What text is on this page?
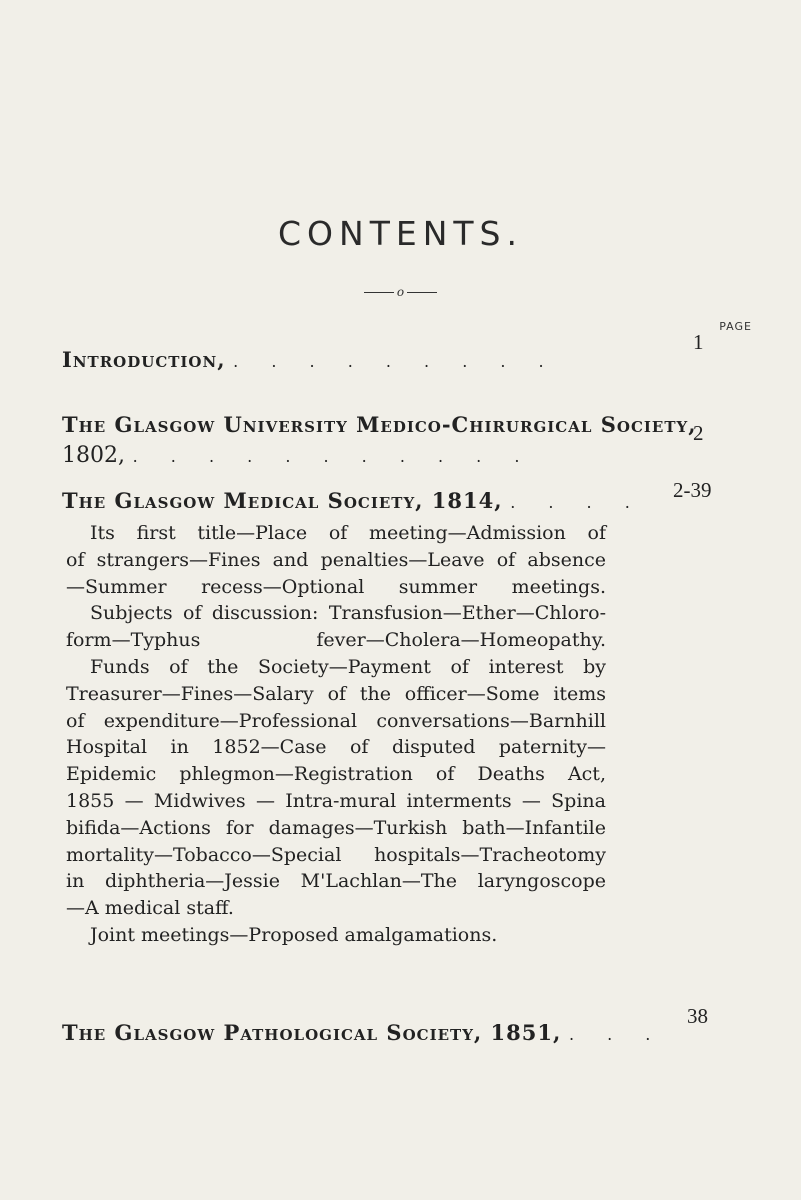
CONTENTS.
o
PAGE
Introduction, . . . . . . . . .
1
The Glasgow University Medico-Chirurgical Society,
1802, . . . . . . . . . . .
2
The Glasgow Medical Society, 1814, . . . .
2-39
Its first title—Place of meeting—Admission of
of strangers—Fines and penalties—Leave of absence
—Summer recess—Optional summer meetings.
Subjects of discussion: Transfusion—Ether—Chloro-
form—Typhus fever—Cholera—Homeopathy.
Funds of the Society—Payment of interest by
Treasurer—Fines—Salary of the officer—Some items
of expenditure—Professional conversations—Barnhill
Hospital in 1852—Case of disputed paternity—
Epidemic phlegmon—Registration of Deaths Act,
1855 — Midwives — Intra-mural interments — Spina
bifida—Actions for damages—Turkish bath—Infantile
mortality—Tobacco—Special hospitals—Tracheotomy
in diphtheria—Jessie M'Lachlan—The laryngoscope
—A medical staff.
Joint meetings—Proposed amalgamations.
The Glasgow Pathological Society, 1851, . . .
38
